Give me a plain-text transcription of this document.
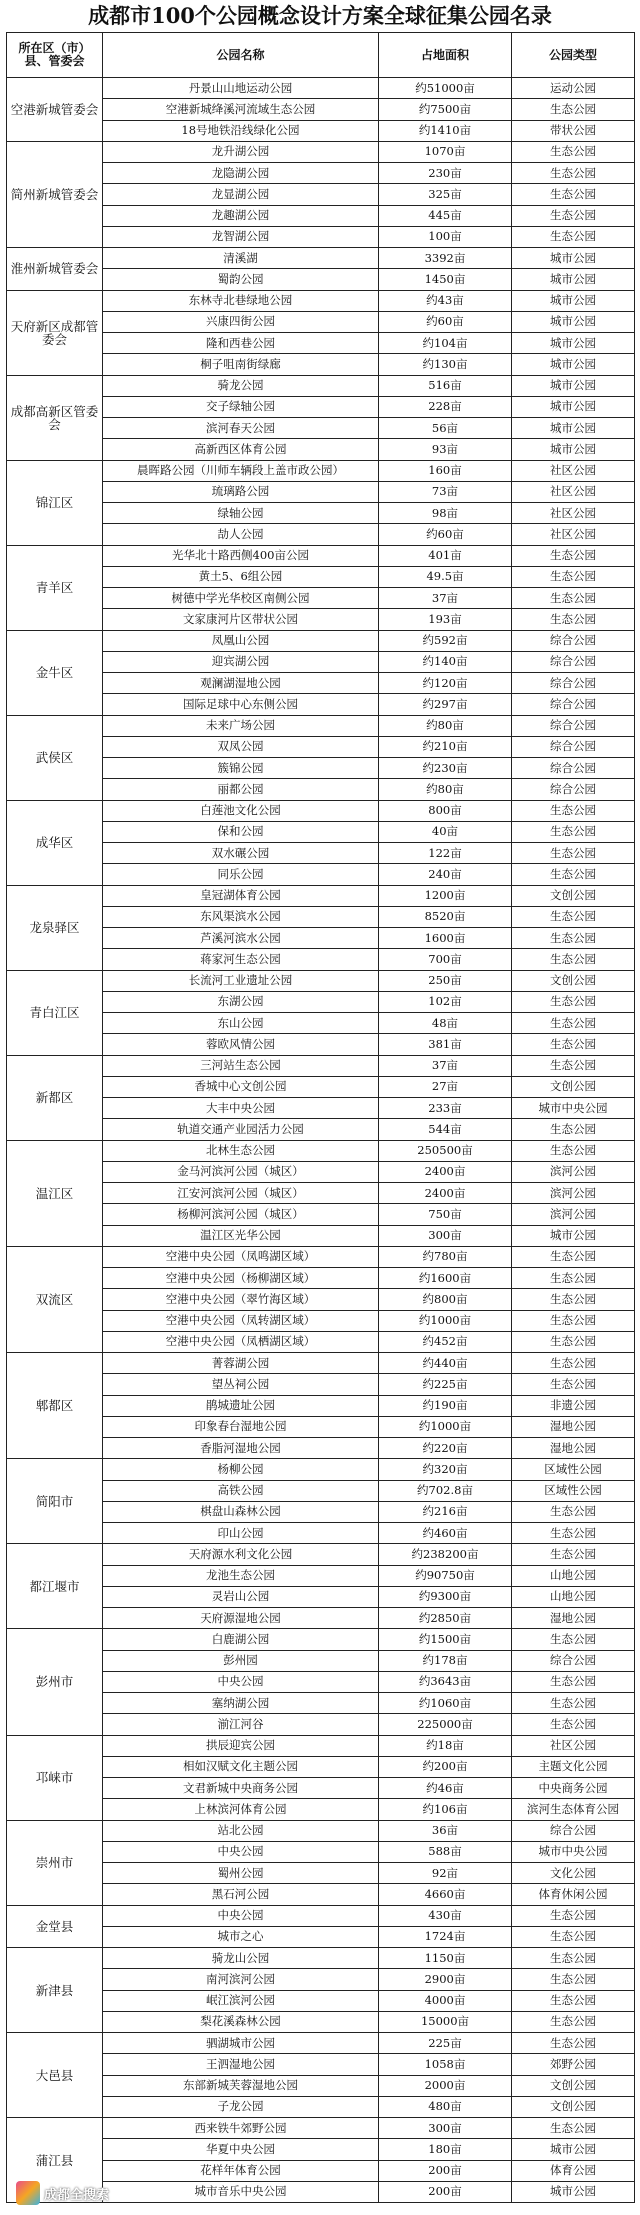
成都市100个公园概念设计方案全球征集公园名录
所在区（市）县、管委会	公园名称	占地面积	公园类型
空港新城管委会	丹景山山地运动公园	约51000亩	运动公园
	空港新城绛溪河流域生态公园	约7500亩	生态公园
	18号地铁沿线绿化公园	约1410亩	带状公园
简州新城管委会	龙升湖公园	1070亩	生态公园
	龙隐湖公园	230亩	生态公园
	龙显湖公园	325亩	生态公园
	龙趣湖公园	445亩	生态公园
	龙智湖公园	100亩	生态公园
淮州新城管委会	清溪湖	3392亩	城市公园
	蜀韵公园	1450亩	城市公园
天府新区成都管委会	东林寺北巷绿地公园	约43亩	城市公园
	兴康四街公园	约60亩	城市公园
	隆和西巷公园	约104亩	城市公园
	桐子咀南街绿廊	约130亩	城市公园
成都高新区管委会	骑龙公园	516亩	城市公园
	交子绿轴公园	228亩	城市公园
	滨河春天公园	56亩	城市公园
	高新西区体育公园	93亩	城市公园
锦江区	晨晖路公园（川师车辆段上盖市政公园）	160亩	社区公园
	琉璃路公园	73亩	社区公园
	绿轴公园	98亩	社区公园
	劼人公园	约60亩	社区公园
青羊区	光华北十路西侧400亩公园	401亩	生态公园
	黄土5、6组公园	49.5亩	生态公园
	树德中学光华校区南侧公园	37亩	生态公园
	文家康河片区带状公园	193亩	生态公园
金牛区	凤凰山公园	约592亩	综合公园
	迎宾湖公园	约140亩	综合公园
	观澜湖湿地公园	约120亩	综合公园
	国际足球中心东侧公园	约297亩	综合公园
武侯区	未来广场公园	约80亩	综合公园
	双凤公园	约210亩	综合公园
	簇锦公园	约230亩	综合公园
	丽都公园	约80亩	综合公园
成华区	白莲池文化公园	800亩	生态公园
	保和公园	40亩	生态公园
	双水碾公园	122亩	生态公园
	同乐公园	240亩	生态公园
龙泉驿区	皇冠湖体育公园	1200亩	文创公园
	东风渠滨水公园	8520亩	生态公园
	芦溪河滨水公园	1600亩	生态公园
	蒋家河生态公园	700亩	生态公园
青白江区	长流河工业遗址公园	250亩	文创公园
	东湖公园	102亩	生态公园
	东山公园	48亩	生态公园
	蓉欧风情公园	381亩	生态公园
新都区	三河站生态公园	37亩	生态公园
	香城中心文创公园	27亩	文创公园
	大丰中央公园	233亩	城市中央公园
	轨道交通产业园活力公园	544亩	生态公园
温江区	北林生态公园	250500亩	生态公园
	金马河滨河公园（城区）	2400亩	滨河公园
	江安河滨河公园（城区）	2400亩	滨河公园
	杨柳河滨河公园（城区）	750亩	滨河公园
	温江区光华公园	300亩	城市公园
双流区	空港中央公园（凤鸣湖区域）	约780亩	生态公园
	空港中央公园（杨柳湖区域）	约1600亩	生态公园
	空港中央公园（翠竹海区域）	约800亩	生态公园
	空港中央公园（凤转湖区域）	约1000亩	生态公园
	空港中央公园（凤栖湖区域）	约452亩	生态公园
郫都区	菁蓉湖公园	约440亩	生态公园
	望丛祠公园	约225亩	生态公园
	鹃城遗址公园	约190亩	非遗公园
	印象春台湿地公园	约1000亩	湿地公园
	香脂河湿地公园	约220亩	湿地公园
简阳市	杨柳公园	约320亩	区域性公园
	高铁公园	约702.8亩	区域性公园
	棋盘山森林公园	约216亩	生态公园
	印山公园	约460亩	生态公园
都江堰市	天府源水利文化公园	约238200亩	生态公园
	龙池生态公园	约90750亩	山地公园
	灵岩山公园	约9300亩	山地公园
	天府源湿地公园	约2850亩	湿地公园
彭州市	白鹿湖公园	约1500亩	生态公园
	彭州园	约178亩	综合公园
	中央公园	约3643亩	生态公园
	塞纳湖公园	约1060亩	生态公园
	湔江河谷	225000亩	生态公园
邛崃市	拱辰迎宾公园	约18亩	社区公园
	相如汉赋文化主题公园	约200亩	主题文化公园
	文君新城中央商务公园	约46亩	中央商务公园
	上林滨河体育公园	约106亩	滨河生态体育公园
崇州市	站北公园	36亩	综合公园
	中央公园	588亩	城市中央公园
	蜀州公园	92亩	文化公园
	黑石河公园	4660亩	体育休闲公园
金堂县	中央公园	430亩	生态公园
	城市之心	1724亩	生态公园
新津县	骑龙山公园	1150亩	生态公园
	南河滨河公园	2900亩	生态公园
	岷江滨河公园	4000亩	生态公园
	梨花溪森林公园	15000亩	生态公园
大邑县	驷湖城市公园	225亩	生态公园
	王泗湿地公园	1058亩	郊野公园
	东部新城芙蓉湿地公园	2000亩	文创公园
	子龙公园	480亩	文创公园
蒲江县	西来铁牛郊野公园	300亩	生态公园
	华夏中央公园	180亩	城市公园
	花样年体育公园	200亩	体育公园
	城市音乐中央公园	200亩	城市公园
成都全搜索
